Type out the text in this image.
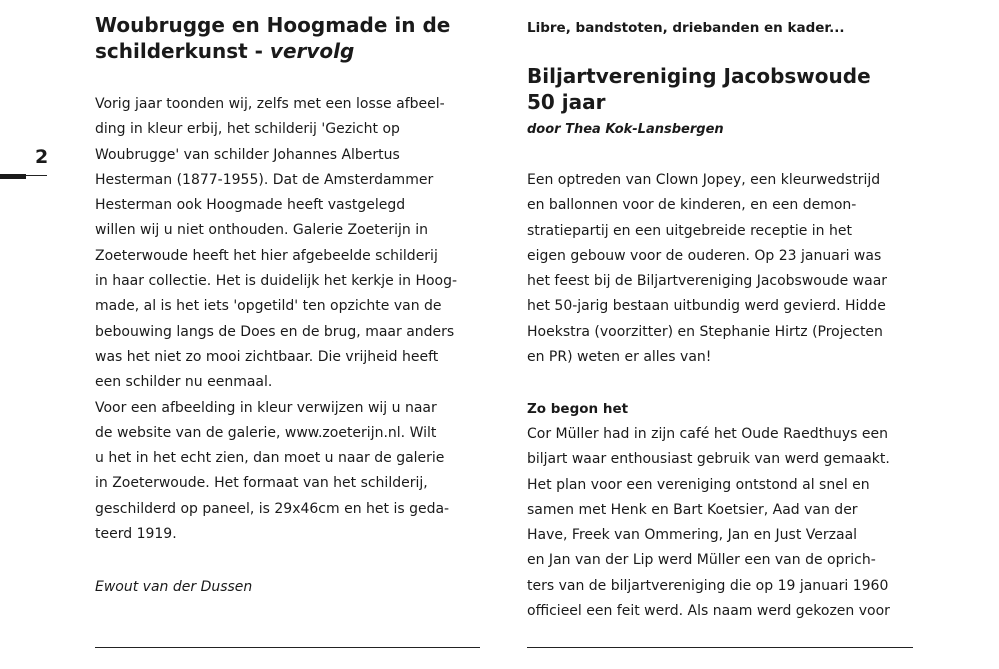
2
Woubrugge en Hoogmade in de
schilderkunst - vervolg
Vorig jaar toonden wij, zelfs met een losse afbeel-
ding in kleur erbij, het schilderij 'Gezicht op
Woubrugge' van schilder Johannes Albertus
Hesterman (1877-1955). Dat de Amsterdammer
Hesterman ook Hoogmade heeft vastgelegd
willen wij u niet onthouden. Galerie Zoeterijn in
Zoeterwoude heeft het hier afgebeelde schilderij
in haar collectie. Het is duidelijk het kerkje in Hoog-
made, al is het iets 'opgetild' ten opzichte van de
bebouwing langs de Does en de brug, maar anders
was het niet zo mooi zichtbaar. Die vrijheid heeft
een schilder nu eenmaal.
Voor een afbeelding in kleur verwijzen wij u naar
de website van de galerie, www.zoeterijn.nl. Wilt
u het in het echt zien, dan moet u naar de galerie
in Zoeterwoude. Het formaat van het schilderij,
geschilderd op paneel, is 29x46cm en het is geda-
teerd 1919.
Ewout van der Dussen
Libre, bandstoten, driebanden en kader...
Biljartvereniging Jacobswoude
50 jaar
door Thea Kok-Lansbergen
Een optreden van Clown Jopey, een kleurwedstrijd
en ballonnen voor de kinderen, en een demon-
stratiepartij en een uitgebreide receptie in het
eigen gebouw voor de ouderen. Op 23 januari was
het feest bij de Biljartvereniging Jacobswoude waar
het 50-jarig bestaan uitbundig werd gevierd. Hidde
Hoekstra (voorzitter) en Stephanie Hirtz (Projecten
en PR) weten er alles van!
Zo begon het
Cor Müller had in zijn café het Oude Raedthuys een
biljart waar enthousiast gebruik van werd gemaakt.
Het plan voor een vereniging ontstond al snel en
samen met Henk en Bart Koetsier, Aad van der
Have, Freek van Ommering, Jan en Just Verzaal
en Jan van der Lip werd Müller een van de oprich-
ters van de biljartvereniging die op 19 januari 1960
officieel een feit werd. Als naam werd gekozen voor
